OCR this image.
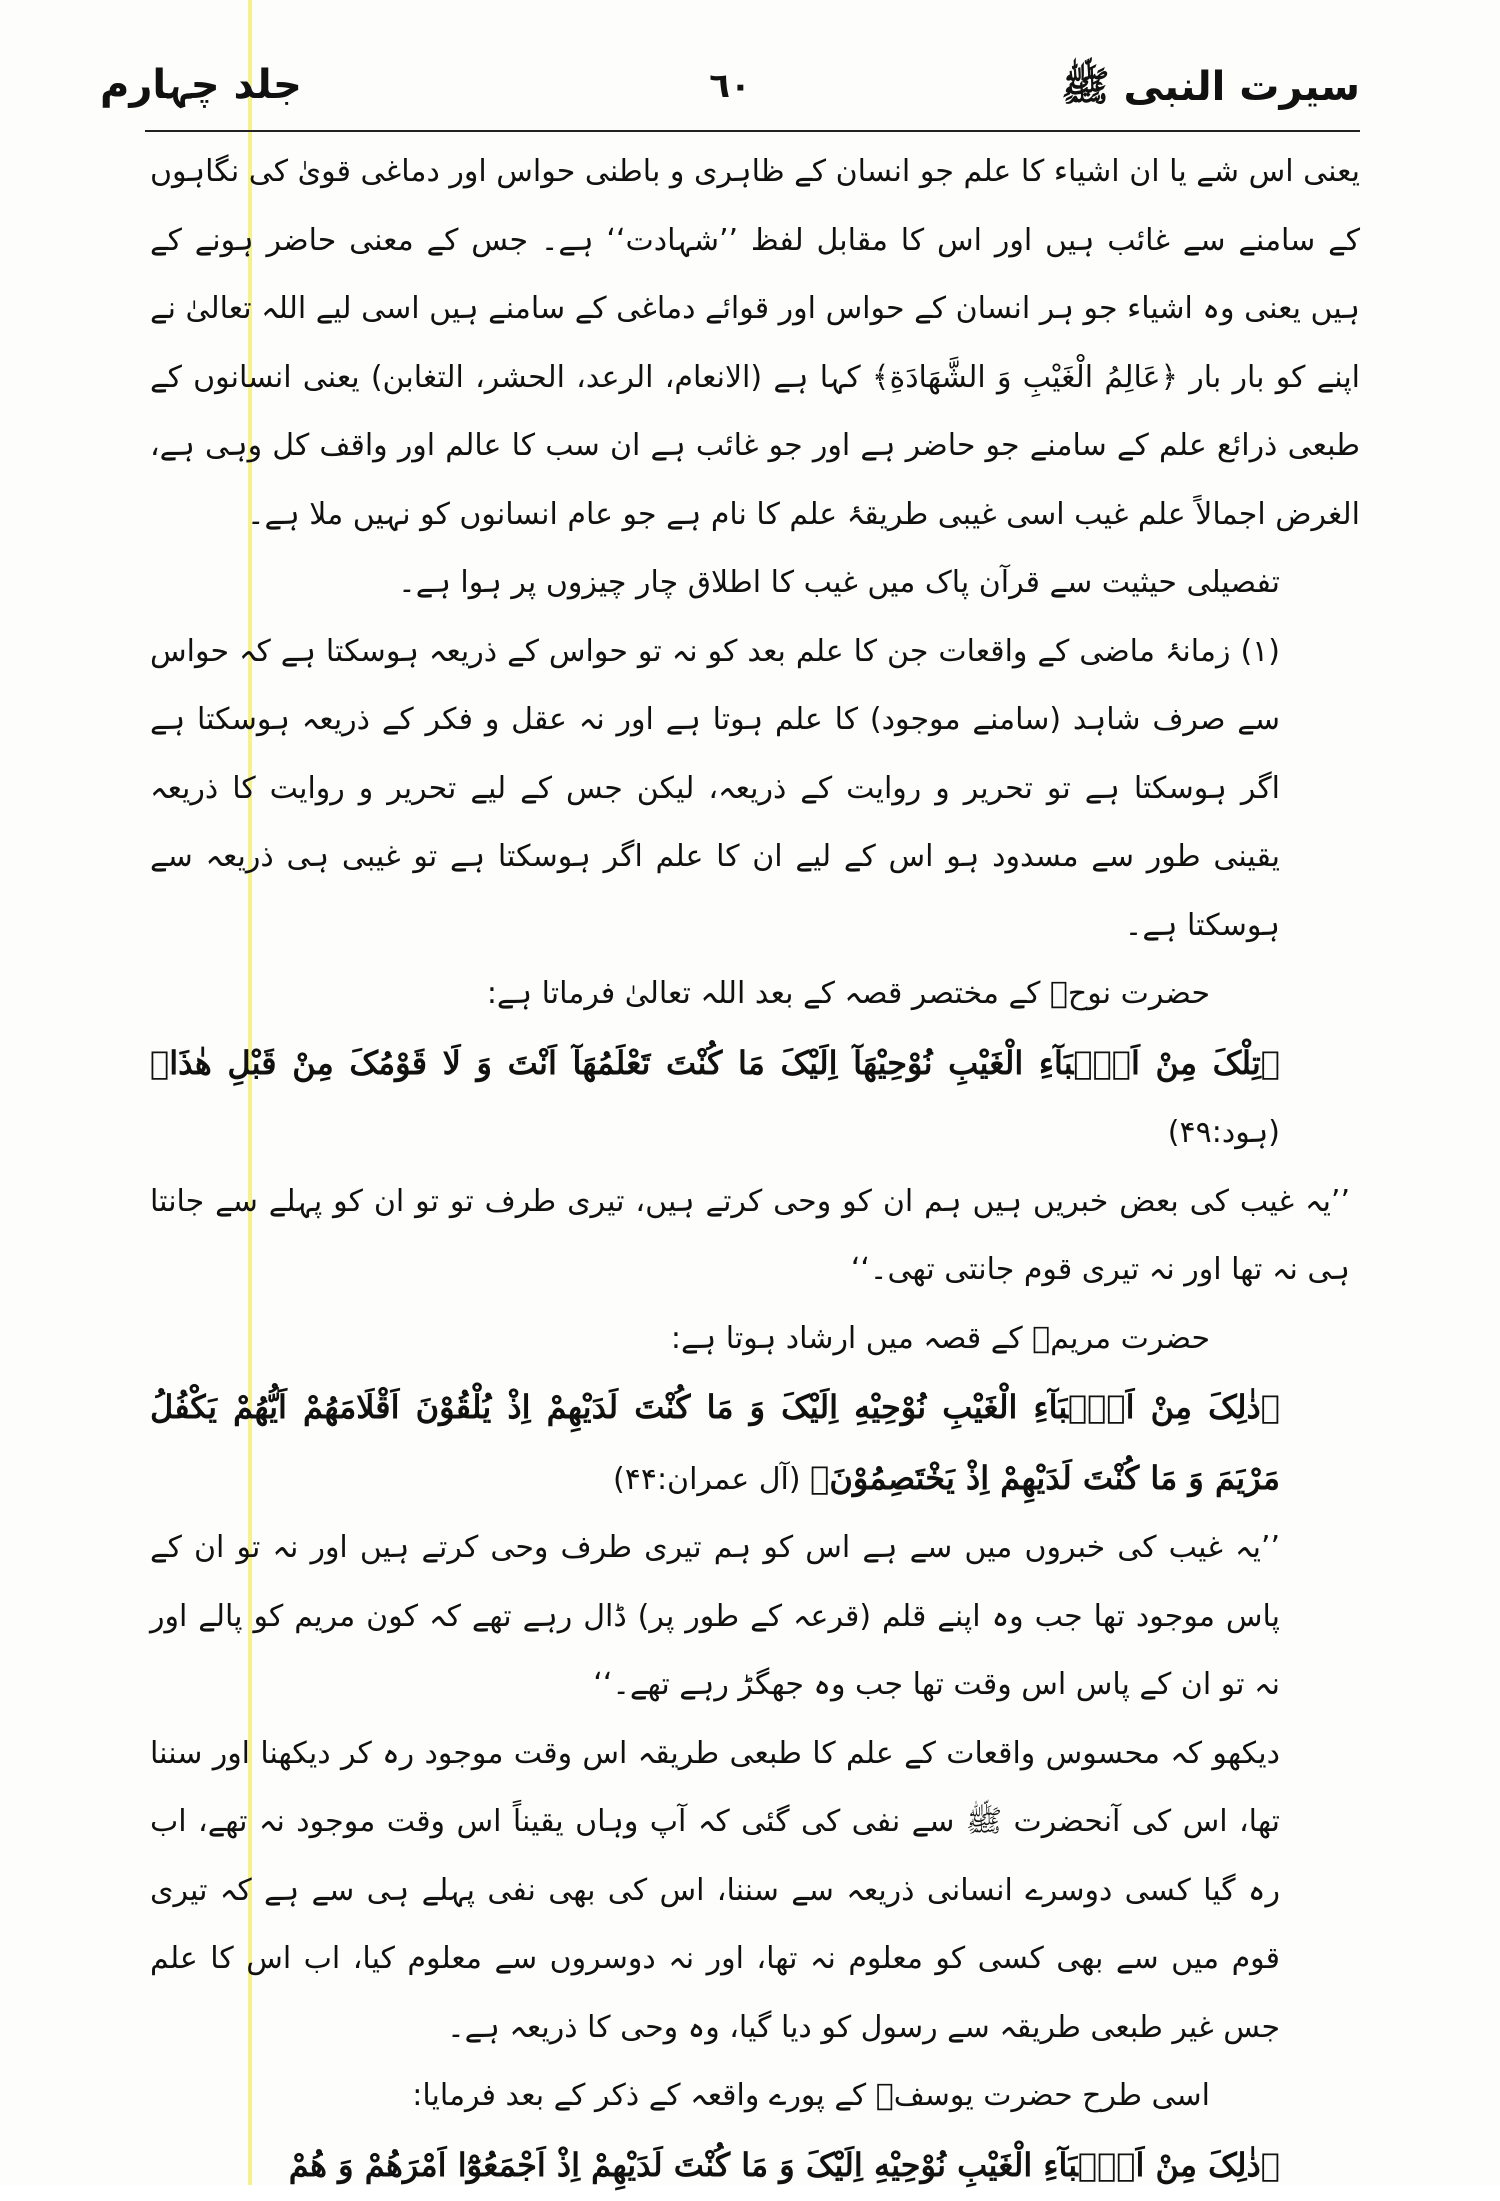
سیرت النبی ﷺ
٦٠
جلد چہارم

یعنی اس شے یا ان اشیاء کا علم جو انسان کے ظاہری و باطنی حواس اور دماغی قویٰ کی نگاہوں کے سامنے سے غائب ہیں اور اس کا مقابل لفظ ’’شہادت‘‘ ہے۔ جس کے معنی حاضر ہونے کے ہیں یعنی وہ اشیاء جو ہر انسان کے حواس اور قوائے دماغی کے سامنے ہیں اسی لیے اللہ تعالیٰ نے اپنے کو بار بار ﴿عَالِمُ الْغَیْبِ وَ الشَّهَادَةِ﴾ کہا ہے (الانعام، الرعد، الحشر، التغابن) یعنی انسانوں کے طبعی ذرائع علم کے سامنے جو حاضر ہے اور جو غائب ہے ان سب کا عالم اور واقف کل وہی ہے، الغرض اجمالاً علم غیب اسی غیبی طریقۂ علم کا نام ہے جو عام انسانوں کو نہیں ملا ہے۔

تفصیلی حیثیت سے قرآن پاک میں غیب کا اطلاق چار چیزوں پر ہوا ہے۔

(۱) زمانۂ ماضی کے واقعات جن کا علم بعد کو نہ تو حواس کے ذریعہ ہوسکتا ہے کہ حواس سے صرف شاہد (سامنے موجود) کا علم ہوتا ہے اور نہ عقل و فکر کے ذریعہ ہوسکتا ہے اگر ہوسکتا ہے تو تحریر و روایت کے ذریعہ، لیکن جس کے لیے تحریر و روایت کا ذریعہ یقینی طور سے مسدود ہو اس کے لیے ان کا علم اگر ہوسکتا ہے تو غیبی ہی ذریعہ سے ہوسکتا ہے۔

حضرت نوحؑ کے مختصر قصہ کے بعد اللہ تعالیٰ فرماتا ہے:

﴿تِلْکَ مِنْ اَنْۢبَآءِ الْغَیْبِ نُوْحِیْهَآ اِلَیْکَ مَا کُنْتَ تَعْلَمُهَآ اَنْتَ وَ لَا قَوْمُکَ مِنْ قَبْلِ هٰذَا﴾ (ہود:۴۹)

’’یہ غیب کی بعض خبریں ہیں ہم ان کو وحی کرتے ہیں، تیری طرف تو تو ان کو پہلے سے جانتا ہی نہ تھا اور نہ تیری قوم جانتی تھی۔‘‘

حضرت مریمؑ کے قصہ میں ارشاد ہوتا ہے:

﴿ذٰلِکَ مِنْ اَنْۢبَآءِ الْغَیْبِ نُوْحِیْهِ اِلَیْکَ وَ مَا کُنْتَ لَدَیْهِمْ اِذْ یُلْقُوْنَ اَقْلَامَهُمْ اَیُّهُمْ یَکْفُلُ مَرْیَمَ وَ مَا کُنْتَ لَدَیْهِمْ اِذْ یَخْتَصِمُوْنَ﴾ (آل عمران:۴۴)

’’یہ غیب کی خبروں میں سے ہے اس کو ہم تیری طرف وحی کرتے ہیں اور نہ تو ان کے پاس موجود تھا جب وہ اپنے قلم (قرعہ کے طور پر) ڈال رہے تھے کہ کون مریم کو پالے اور نہ تو ان کے پاس اس وقت تھا جب وہ جھگڑ رہے تھے۔‘‘

دیکھو کہ محسوس واقعات کے علم کا طبعی طریقہ اس وقت موجود رہ کر دیکھنا اور سننا تھا، اس کی آنحضرت ﷺ سے نفی کی گئی کہ آپ وہاں یقیناً اس وقت موجود نہ تھے، اب رہ گیا کسی دوسرے انسانی ذریعہ سے سننا، اس کی بھی نفی پہلے ہی سے ہے کہ تیری قوم میں سے بھی کسی کو معلوم نہ تھا، اور نہ دوسروں سے معلوم کیا، اب اس کا علم جس غیر طبعی طریقہ سے رسول کو دیا گیا، وہ وحی کا ذریعہ ہے۔

اسی طرح حضرت یوسفؑ کے پورے واقعہ کے ذکر کے بعد فرمایا:

﴿ذٰلِکَ مِنْ اَنْۢبَآءِ الْغَیْبِ نُوْحِیْهِ اِلَیْکَ وَ مَا کُنْتَ لَدَیْهِمْ اِذْ اَجْمَعُوْٓا اَمْرَهُمْ وَ هُمْ
